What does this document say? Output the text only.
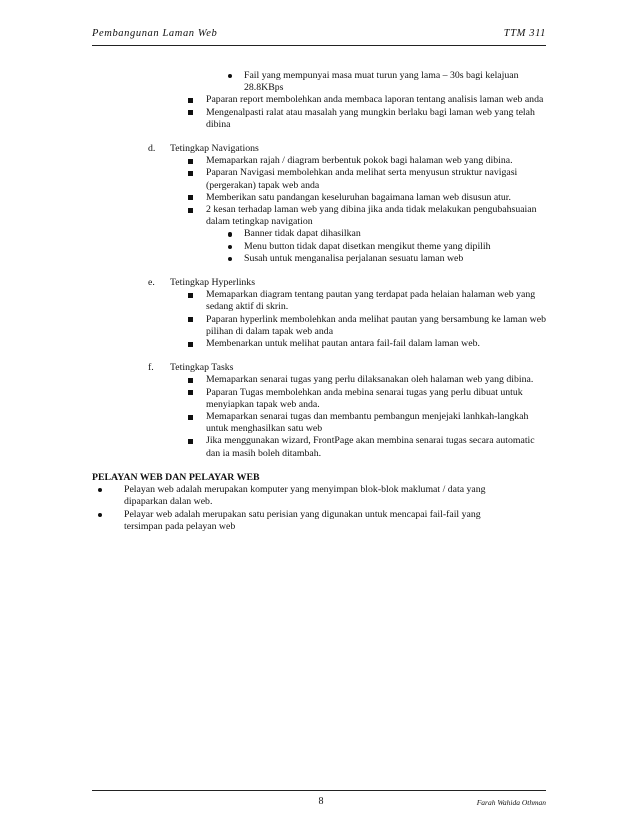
Pembangunan Laman Web	TTM 311
Fail yang mempunyai masa muat turun yang lama – 30s bagi kelajuan 28.8KBps
Paparan report membolehkan anda membaca laporan tentang analisis laman web anda
Mengenalpasti ralat atau masalah yang mungkin berlaku bagi laman web yang telah dibina
d. Tetingkap Navigations
Memaparkan rajah / diagram berbentuk pokok bagi halaman web yang dibina.
Paparan Navigasi membolehkan anda melihat serta menyusun struktur navigasi (pergerakan) tapak web anda
Memberikan satu pandangan keseluruhan bagaimana laman web disusun atur.
2 kesan terhadap laman web yang dibina jika anda tidak melakukan pengubahsuaian dalam tetingkap navigation
Banner tidak dapat dihasilkan
Menu button tidak dapat disetkan mengikut theme yang dipilih
Susah untuk menganalisa perjalanan sesuatu laman web
e. Tetingkap Hyperlinks
Memaparkan diagram tentang pautan yang terdapat pada helaian halaman web yang sedang aktif di skrin.
Paparan hyperlink membolehkan anda melihat pautan yang bersambung ke laman web pilihan di dalam tapak web anda
Membenarkan untuk melihat pautan antara fail-fail dalam laman web.
f. Tetingkap Tasks
Memaparkan senarai tugas yang perlu dilaksanakan oleh halaman web yang dibina.
Paparan Tugas membolehkan anda mebina senarai tugas yang perlu dibuat untuk menyiapkan tapak web anda.
Memaparkan senarai tugas dan membantu pembangun menjejaki lanhkah-langkah untuk menghasilkan satu web
Jika menggunakan wizard, FrontPage akan membina senarai tugas secara automatic dan ia masih boleh ditambah.
PELAYAN WEB DAN PELAYAR WEB
Pelayan web adalah merupakan komputer yang menyimpan blok-blok maklumat / data yang dipaparkan dalan web.
Pelayar web adalah merupakan satu perisian yang digunakan untuk mencapai fail-fail yang tersimpan pada pelayan web
8	Farah Wahida Othman
